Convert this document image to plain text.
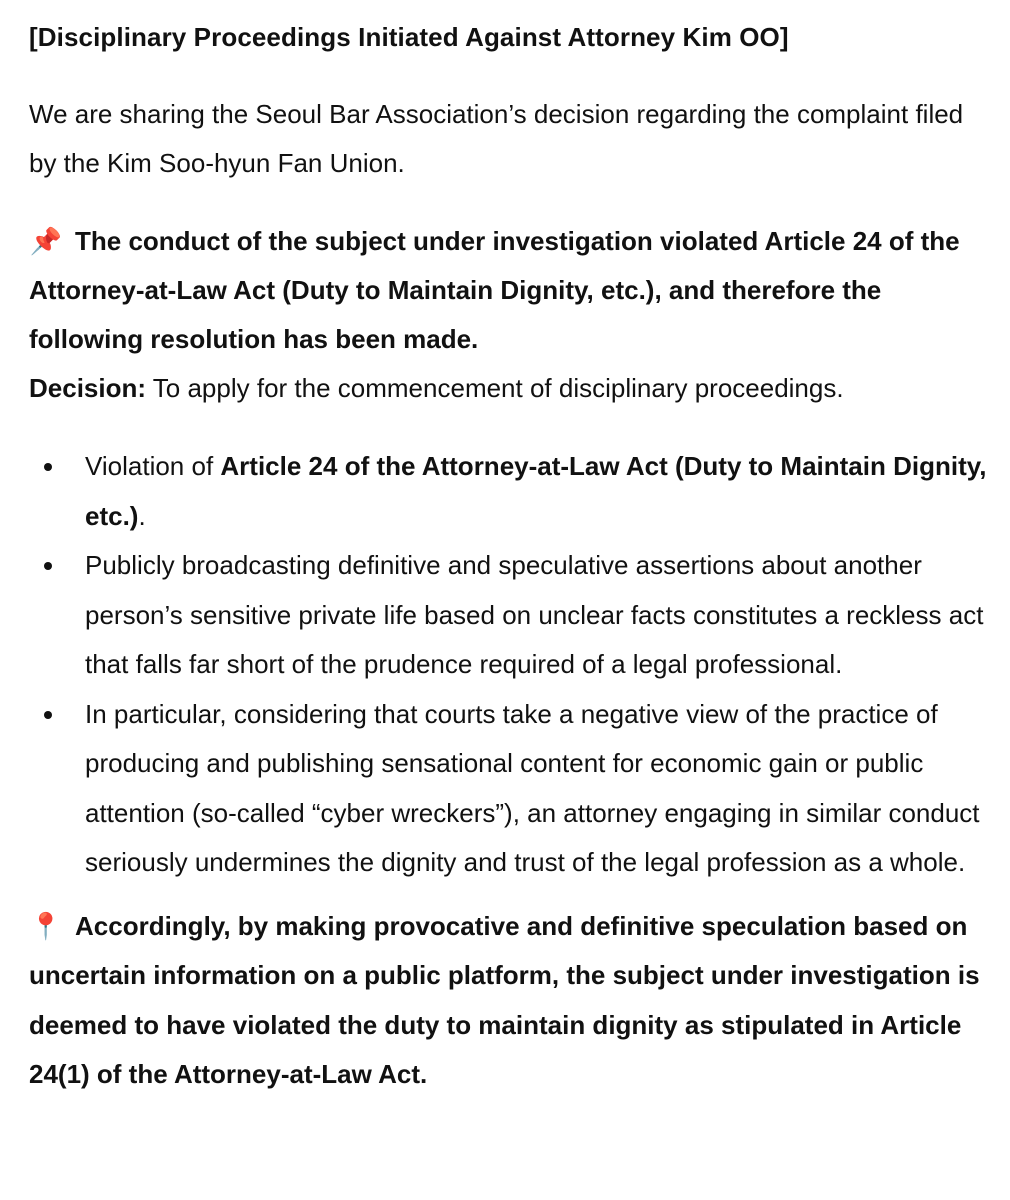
[Disciplinary Proceedings Initiated Against Attorney Kim OO]

We are sharing the Seoul Bar Association’s decision regarding the complaint filed by the Kim Soo-hyun Fan Union.

📌 The conduct of the subject under investigation violated Article 24 of the Attorney-at-Law Act (Duty to Maintain Dignity, etc.), and therefore the following resolution has been made.

Decision: To apply for the commencement of disciplinary proceedings.

Violation of Article 24 of the Attorney-at-Law Act (Duty to Maintain Dignity, etc.).
Publicly broadcasting definitive and speculative assertions about another person’s sensitive private life based on unclear facts constitutes a reckless act that falls far short of the prudence required of a legal professional.
In particular, considering that courts take a negative view of the practice of producing and publishing sensational content for economic gain or public attention (so-called “cyber wreckers”), an attorney engaging in similar conduct seriously undermines the dignity and trust of the legal profession as a whole.

📍 Accordingly, by making provocative and definitive speculation based on uncertain information on a public platform, the subject under investigation is deemed to have violated the duty to maintain dignity as stipulated in Article 24(1) of the Attorney-at-Law Act.
